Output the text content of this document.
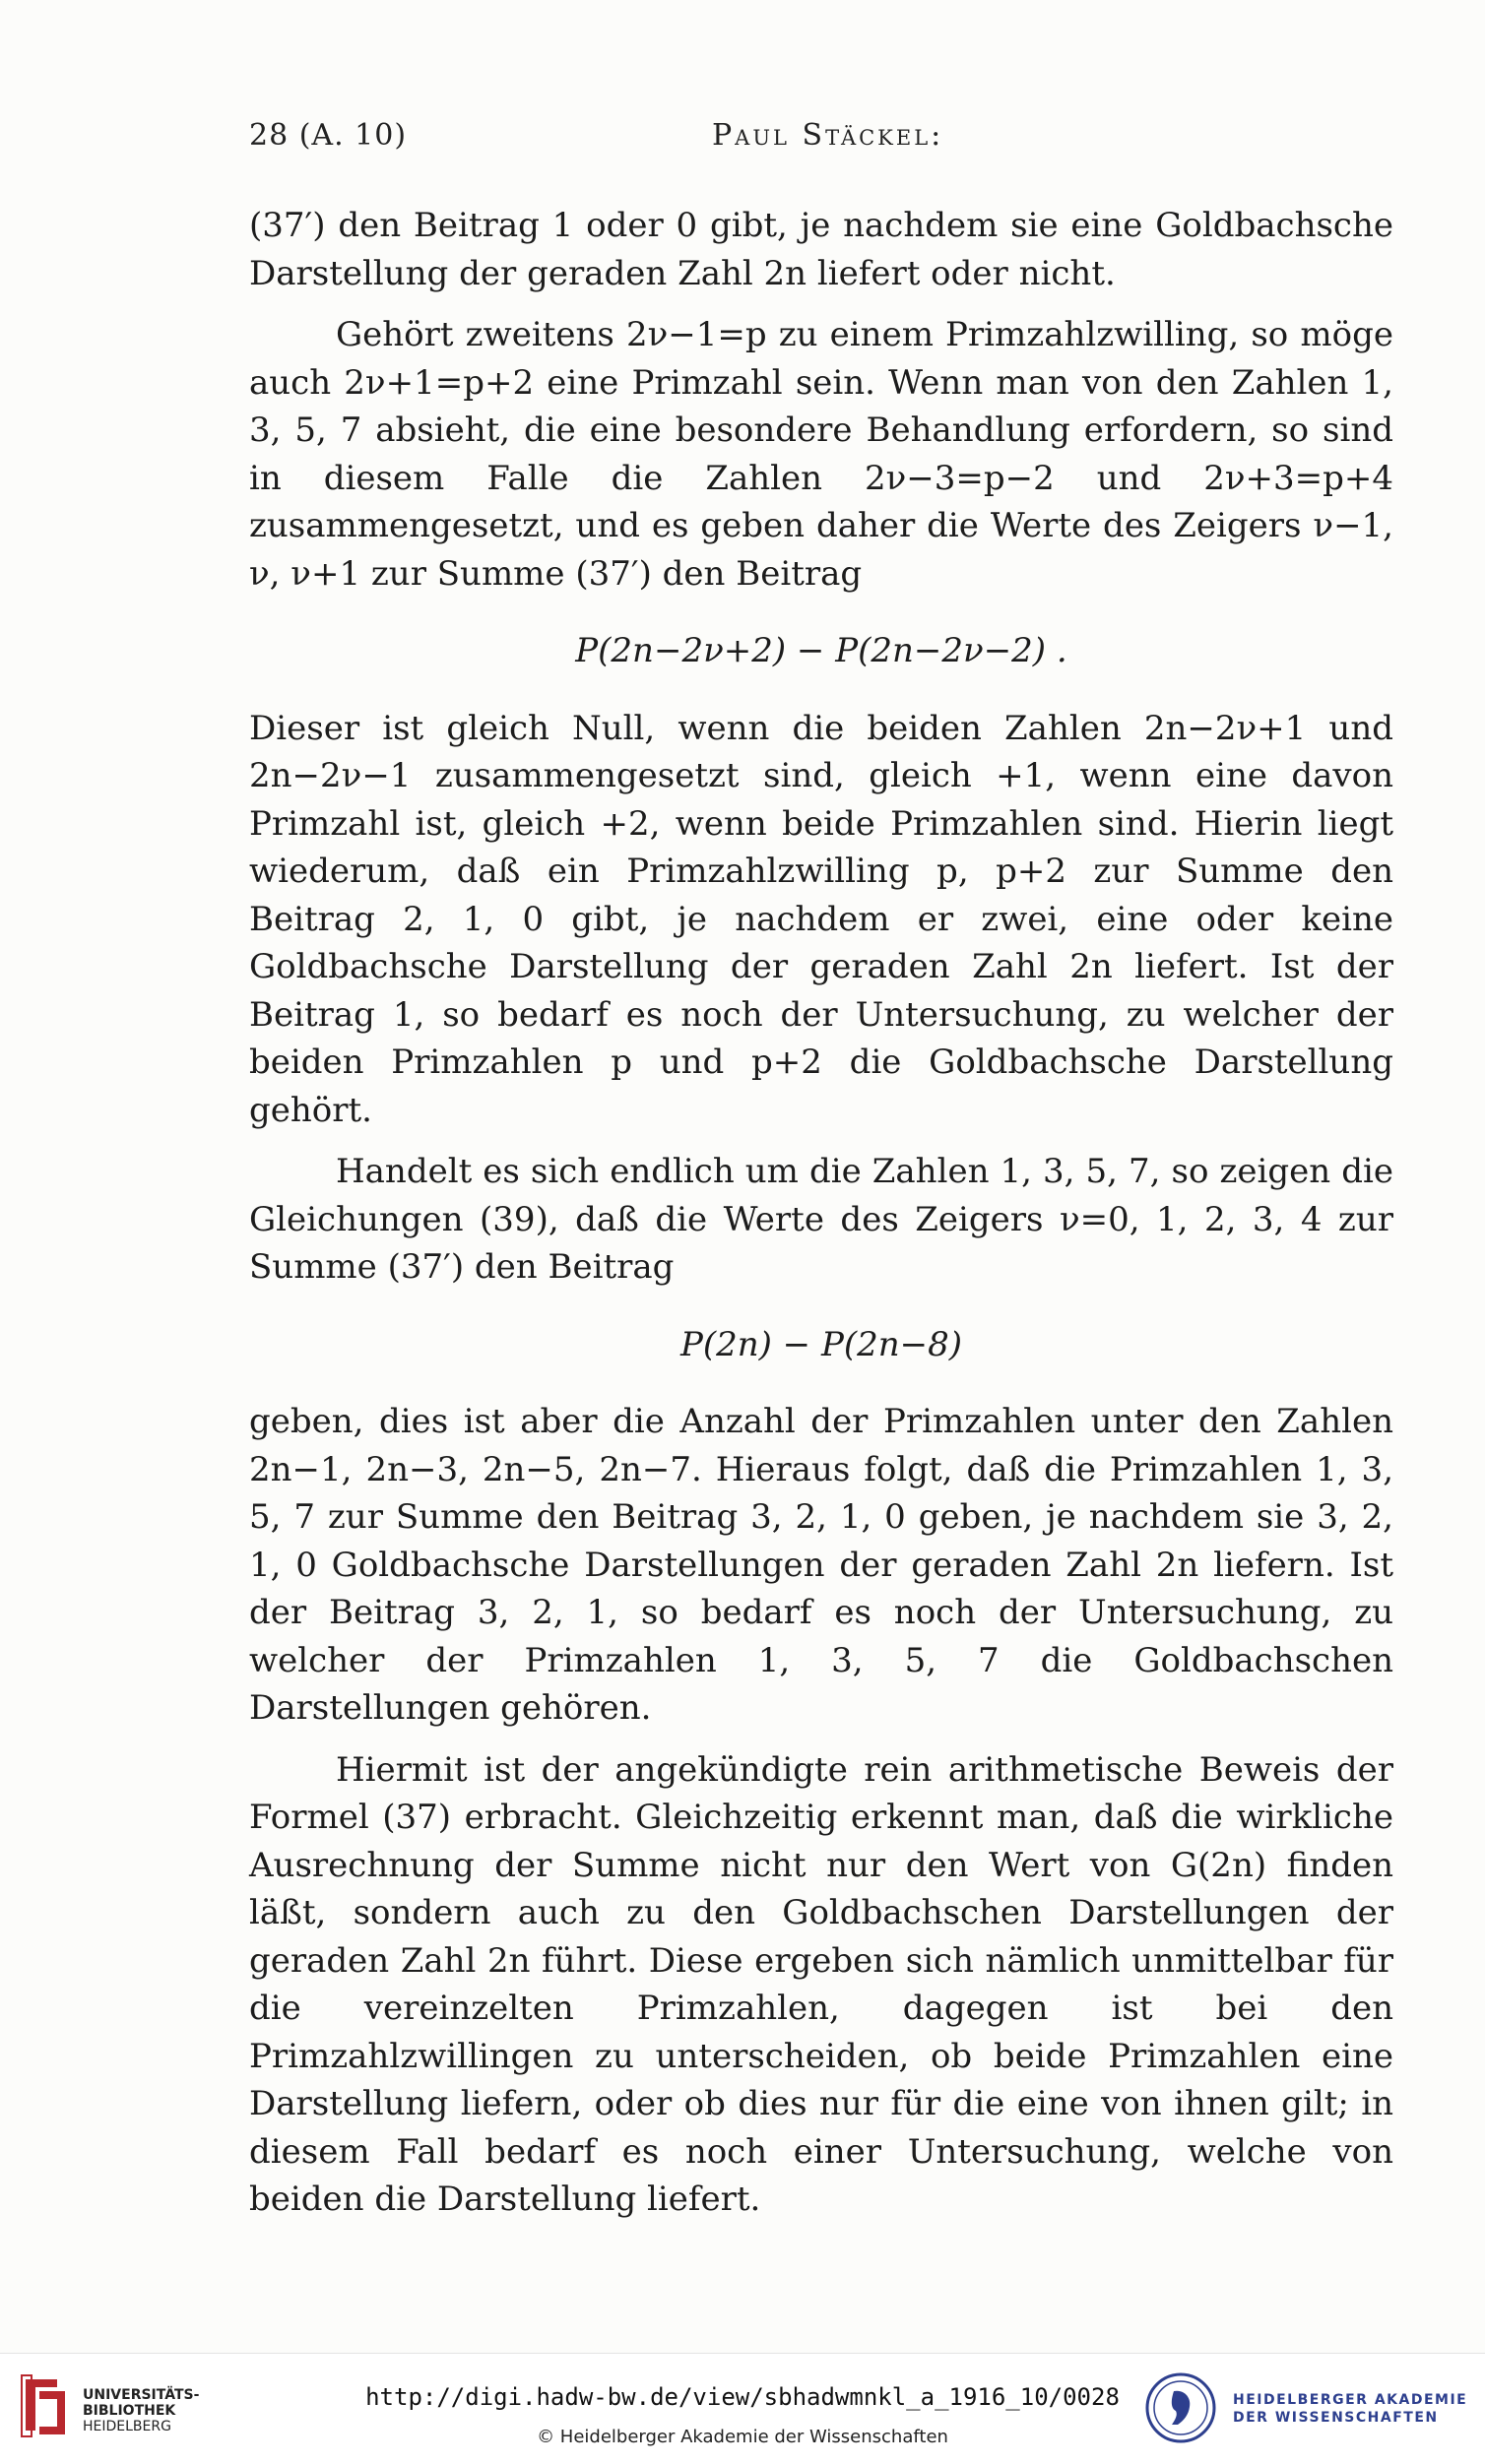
28 (A. 10)	Paul Stäckel:

(37′) den Beitrag 1 oder 0 gibt, je nachdem sie eine Goldbachsche Darstellung der geraden Zahl 2n liefert oder nicht.

Gehört zweitens 2ν−1=p zu einem Primzahlzwilling, so möge auch 2ν+1=p+2 eine Primzahl sein. Wenn man von den Zahlen 1, 3, 5, 7 absieht, die eine besondere Behandlung erfordern, so sind in diesem Falle die Zahlen 2ν−3=p−2 und 2ν+3=p+4 zusammengesetzt, und es geben daher die Werte des Zeigers ν−1, ν, ν+1 zur Summe (37′) den Beitrag

P(2n−2ν+2) − P(2n−2ν−2) .

Dieser ist gleich Null, wenn die beiden Zahlen 2n−2ν+1 und 2n−2ν−1 zusammengesetzt sind, gleich +1, wenn eine davon Primzahl ist, gleich +2, wenn beide Primzahlen sind. Hierin liegt wiederum, daß ein Primzahlzwilling p, p+2 zur Summe den Beitrag 2, 1, 0 gibt, je nachdem er zwei, eine oder keine Goldbachsche Darstellung der geraden Zahl 2n liefert. Ist der Beitrag 1, so bedarf es noch der Untersuchung, zu welcher der beiden Primzahlen p und p+2 die Goldbachsche Darstellung gehört.

Handelt es sich endlich um die Zahlen 1, 3, 5, 7, so zeigen die Gleichungen (39), daß die Werte des Zeigers ν=0, 1, 2, 3, 4 zur Summe (37′) den Beitrag

P(2n) − P(2n−8)

geben, dies ist aber die Anzahl der Primzahlen unter den Zahlen 2n−1, 2n−3, 2n−5, 2n−7. Hieraus folgt, daß die Primzahlen 1, 3, 5, 7 zur Summe den Beitrag 3, 2, 1, 0 geben, je nachdem sie 3, 2, 1, 0 Goldbachsche Darstellungen der geraden Zahl 2n liefern. Ist der Beitrag 3, 2, 1, so bedarf es noch der Untersuchung, zu welcher der Primzahlen 1, 3, 5, 7 die Goldbachschen Darstellungen gehören.

Hiermit ist der angekündigte rein arithmetische Beweis der Formel (37) erbracht. Gleichzeitig erkennt man, daß die wirkliche Ausrechnung der Summe nicht nur den Wert von G(2n) finden läßt, sondern auch zu den Goldbachschen Darstellungen der geraden Zahl 2n führt. Diese ergeben sich nämlich unmittelbar für die vereinzelten Primzahlen, dagegen ist bei den Primzahlzwillingen zu unterscheiden, ob beide Primzahlen eine Darstellung liefern, oder ob dies nur für die eine von ihnen gilt; in diesem Fall bedarf es noch einer Untersuchung, welche von beiden die Darstellung liefert.

UNIVERSITÄTS-
BIBLIOTHEK
HEIDELBERG
http://digi.hadw-bw.de/view/sbhadwmnkl_a_1916_10/0028
© Heidelberger Akademie der Wissenschaften
HEIDELBERGER AKADEMIE
DER WISSENSCHAFTEN
